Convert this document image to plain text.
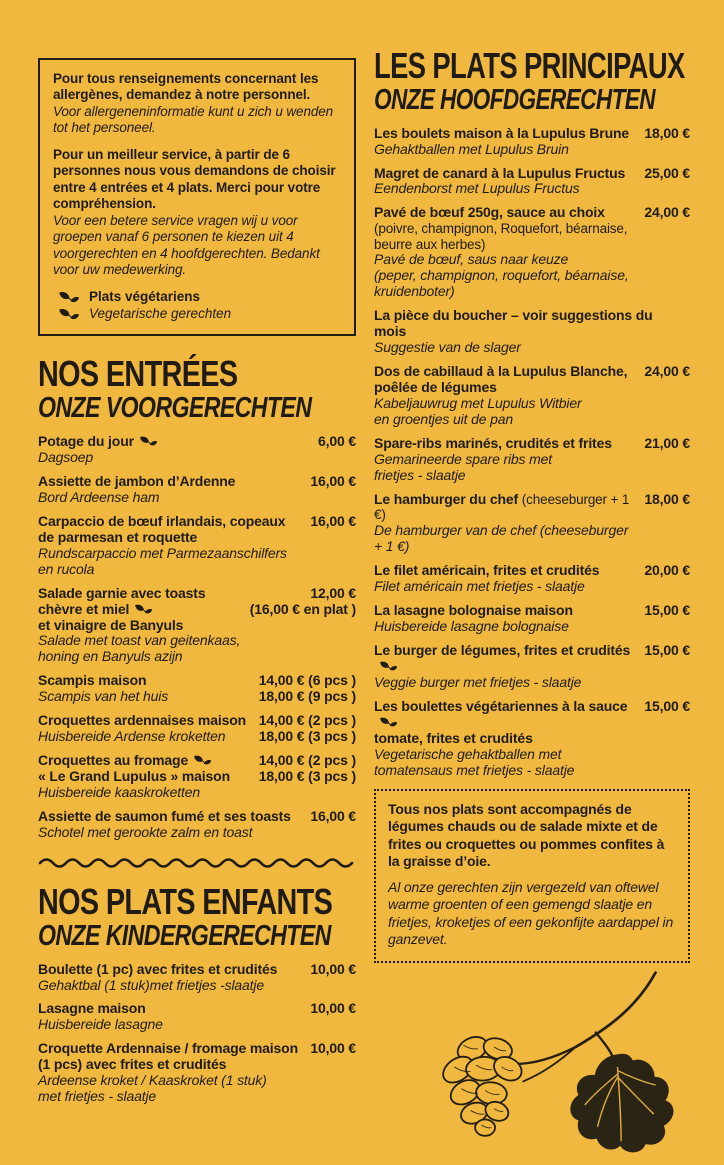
Pour tous renseignements concernant les allergènes, demandez à notre personnel.
Voor allergeneninformatie kunt u zich u wenden tot het personeel.
Pour un meilleur service, à partir de 6 personnes nous vous demandons de choisir entre 4 entrées et 4 plats. Merci pour votre compréhension.
Voor een betere service vragen wij u voor groepen vanaf 6 personen te kiezen uit 4 voorgerechten en 4 hoofdgerechten. Bedankt voor uw medewerking.
Plats végétariens
Vegetarische gerechten
NOS ENTRÉES
ONZE VOORGERECHTEN
Potage du jour
Dagsoep
6,00 €
Assiette de jambon d’Ardenne
Bord Ardeense ham
16,00 €
Carpaccio de bœuf irlandais, copeaux
de parmesan et roquette
Rundscarpaccio met Parmezaanschilfers
en rucola
16,00 €
Salade garnie avec toasts chèvre et miel
et vinaigre de Banyuls
Salade met toast van geitenkaas,
honing en Banyuls azijn
12,00 €
(16,00 € en plat )
Scampis maison
Scampis van het huis
14,00 € (6 pcs )
18,00 € (9 pcs )
Croquettes ardennaises maison
Huisbereide Ardense kroketten
14,00 € (2 pcs )
18,00 € (3 pcs )
Croquettes au fromage
« Le Grand Lupulus » maison
Huisbereide kaaskroketten
14,00 € (2 pcs )
18,00 € (3 pcs )
Assiette de saumon fumé et ses toasts
Schotel met gerookte zalm en toast
16,00 €
NOS PLATS ENFANTS
ONZE KINDERGERECHTEN
Boulette (1 pc) avec frites et crudités
Gehaktbal (1 stuk)met frietjes -slaatje
10,00 €
Lasagne maison
Huisbereide lasagne
10,00 €
Croquette Ardennaise / fromage maison
(1 pcs) avec frites et crudités
Ardeense kroket / Kaaskroket (1 stuk)
met frietjes - slaatje
10,00 €
LES PLATS PRINCIPAUX
ONZE HOOFDGERECHTEN
Les boulets maison à la Lupulus Brune
Gehaktballen met Lupulus Bruin
18,00 €
Magret de canard à la Lupulus Fructus
Eendenborst met Lupulus Fructus
25,00 €
Pavé de bœuf 250g, sauce au choix
(poivre, champignon, Roquefort, béarnaise,
beurre aux herbes)
Pavé de bœuf, saus naar keuze
(peper, champignon, roquefort, béarnaise, kruidenboter)
24,00 €
La pièce du boucher – voir suggestions du mois
Suggestie van de slager
Dos de cabillaud à la Lupulus Blanche,
poêlée de légumes
Kabeljauwrug met Lupulus Witbier
en groentjes uit de pan
24,00 €
Spare-ribs marinés, crudités et frites
Gemarineerde spare ribs met
frietjes - slaatje
21,00 €
Le hamburger du chef (cheeseburger + 1 €)
De hamburger van de chef (cheeseburger + 1 €)
18,00 €
Le filet américain, frites et crudités
Filet américain met frietjes - slaatje
20,00 €
La lasagne bolognaise maison
Huisbereide lasagne bolognaise
15,00 €
Le burger de légumes, frites et crudités
Veggie burger met frietjes - slaatje
15,00 €
Les boulettes végétariennes à la sauce
tomate, frites et crudités
Vegetarische gehaktballen met
tomatensaus met frietjes - slaatje
15,00 €
Tous nos plats sont accompagnés de légumes chauds ou de salade mixte et de frites ou croquettes ou pommes confites à la graisse d’oie.
Al onze gerechten zijn vergezeld van oftewel warme groenten of een gemengd slaatje en frietjes, kroketjes of een gekonfijte aardappel in ganzevet.
